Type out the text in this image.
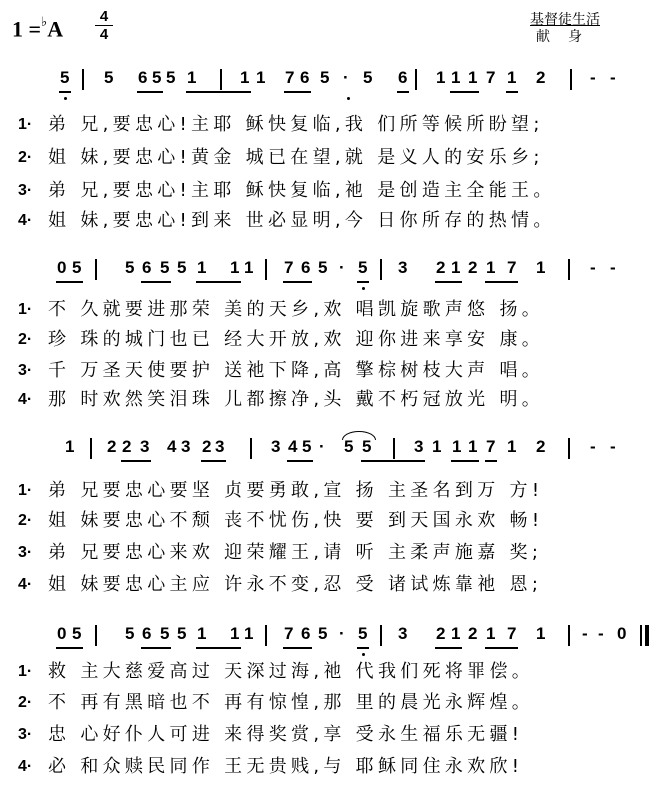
1 =♭A	4
4
基督徒生活
献身
5 5 6 5 5 1	1 1 7 6 5 · 5 6 1 1 1 7 1 2	- -
1· 弟 兄,要忠心!主耶 稣快复临,我 们所等候所盼望;
2· 姐 妹,要忠心!黄金 城已在望,就 是义人的安乐乡;
3· 弟 兄,要忠心!主耶 稣快复临,祂 是创造主全能王。
4· 姐 妹,要忠心!到来 世必显明,今 日你所存的热情。
0 5	5 6 5 5 1 1 1 7 6 5 · 5 3 2 1 2 1 7 1	- -
1· 不 久就要进那荣 美的天乡,欢 唱凯旋歌声悠 扬。
2· 珍 珠的城门也已 经大开放,欢 迎你进来享安 康。
3· 千 万圣天使要护 送祂下降,高 擎棕树枝大声 唱。
4· 那 时欢然笑泪珠 儿都擦净,头 戴不朽冠放光 明。
1 2 2 3 4 3 2 3	3 4 5 · 5 5	3 1 1 1 7 1 2	- -
1· 弟 兄要忠心要坚 贞要勇敢,宣 扬 主圣名到万 方!
2· 姐 妹要忠心不颓 丧不忧伤,快 要 到天国永欢 畅!
3· 弟 兄要忠心来欢 迎荣耀王,请 听 主柔声施嘉 奖;
4· 姐 妹要忠心主应 许永不变,忍 受 诸试炼靠祂 恩;
0 5	5 6 5 5 1 1 1 7 6 5 · 5 3 2 1 2 1 7 1 - - 0
1· 救 主大慈爱高过 天深过海,祂 代我们死将罪偿。
2· 不 再有黑暗也不 再有惊惶,那 里的晨光永辉煌。
3· 忠 心好仆人可进 来得奖赏,享 受永生福乐无疆!
4· 必 和众赎民同作 王无贵贱,与 耶稣同住永欢欣!
